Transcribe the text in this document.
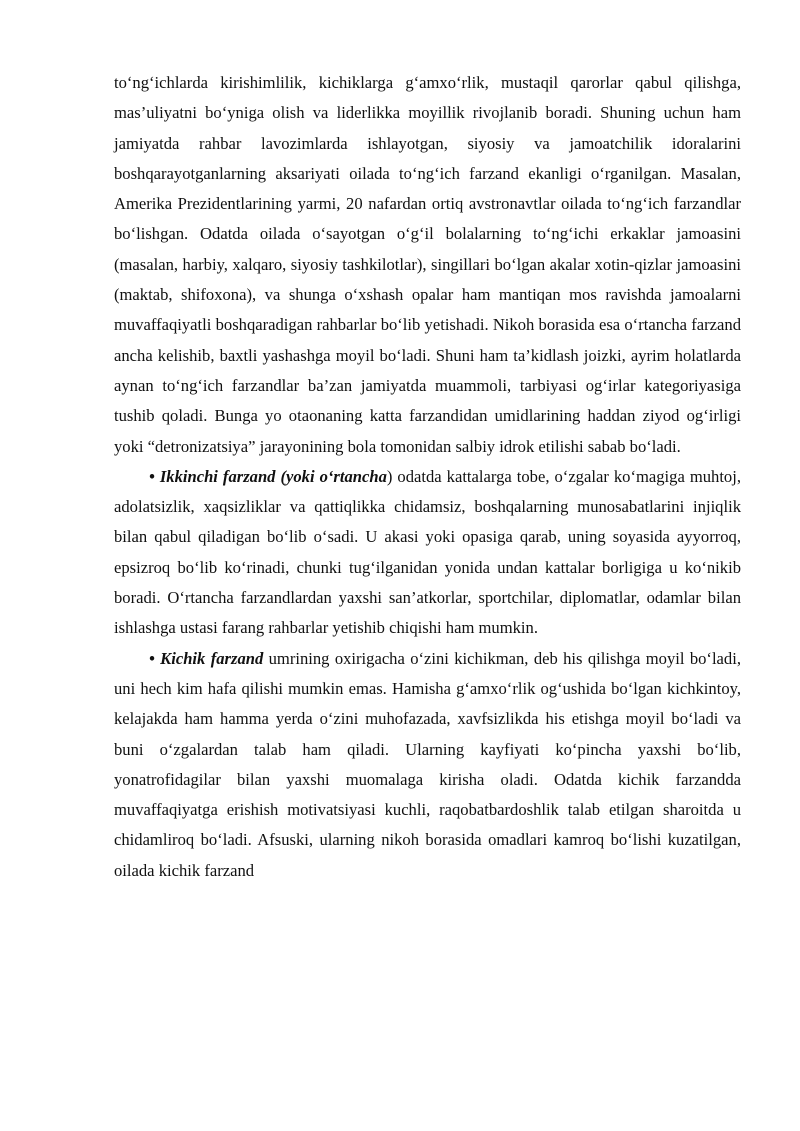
to‘ng‘ichlarda kirishimlilik, kichiklarga g‘amxo‘rlik, mustaqil qarorlar qabul qilishga, mas’uliyatni bo‘yniga olish va liderlikka moyillik rivojlanib boradi. Shuning uchun ham jamiyatda rahbar lavozimlarda ishlayotgan, siyosiy va jamoatchilik idoralarini boshqarayotganlarning aksariyati oilada to‘ng‘ich farzand ekanligi o‘rganilgan. Masalan, Amerika Prezidentlarining yarmi, 20 nafardan ortiq avstronavtlar oilada to‘ng‘ich farzandlar bo‘lishgan. Odatda oilada o‘sayotgan o‘g‘il bolalarning to‘ng‘ichi erkaklar jamoasini (masalan, harbiy, xalqaro, siyosiy tashkilotlar), singillari bo‘lgan akalar xotin-qizlar jamoasini (maktab, shifoxona), va shunga o‘xshash opalar ham mantiqan mos ravishda jamoalarni muvaffaqiyatli boshqaradigan rahbarlar bo‘lib yetishadi. Nikoh borasida esa o‘rtancha farzand ancha kelishib, baxtli yashashga moyil bo‘ladi. Shuni ham ta’kidlash joizki, ayrim holatlarda aynan to‘ng‘ich farzandlar ba’zan jamiyatda muammoli, tarbiyasi og‘irlar kategoriyasiga tushib qoladi. Bunga yo otaonaning katta farzandidan umidlarining haddan ziyod og‘irligi yoki “detronizatsiya” jarayonining bola tomonidan salbiy idrok etilishi sabab bo‘ladi.

• Ikkinchi farzand (yoki o‘rtancha) odatda kattalarga tobe, o‘zgalar ko‘magiga muhtoj, adolatsizlik, xaqsizliklar va qattiqlikka chidamsiz, boshqalarning munosabatlarini injiqlik bilan qabul qiladigan bo‘lib o‘sadi. U akasi yoki opasiga qarab, uning soyasida ayyorroq, epsizroq bo‘lib ko‘rinadi, chunki tug‘ilganidan yonida undan kattalar borligiga u ko‘nikib boradi. O‘rtancha farzandlardan yaxshi san’atkorlar, sportchilar, diplomatlar, odamlar bilan ishlashga ustasi farang rahbarlar yetishib chiqishi ham mumkin.

• Kichik farzand umrining oxirigacha o‘zini kichikman, deb his qilishga moyil bo‘ladi, uni hech kim hafa qilishi mumkin emas. Hamisha g‘amxo‘rlik og‘ushida bo‘lgan kichkintoy, kelajakda ham hamma yerda o‘zini muhofazada, xavfsizlikda his etishga moyil bo‘ladi va buni o‘zgalardan talab ham qiladi. Ularning kayfiyati ko‘pincha yaxshi bo‘lib, yonatrofidagilar bilan yaxshi muomalaga kirisha oladi. Odatda kichik farzandda muvaffaqiyatga erishish motivatsiyasi kuchli, raqobatbardoshlik talab etilgan sharoitda u chidamliroq bo‘ladi. Afsuski, ularning nikoh borasida omadlari kamroq bo‘lishi kuzatilgan, oilada kichik farzand
